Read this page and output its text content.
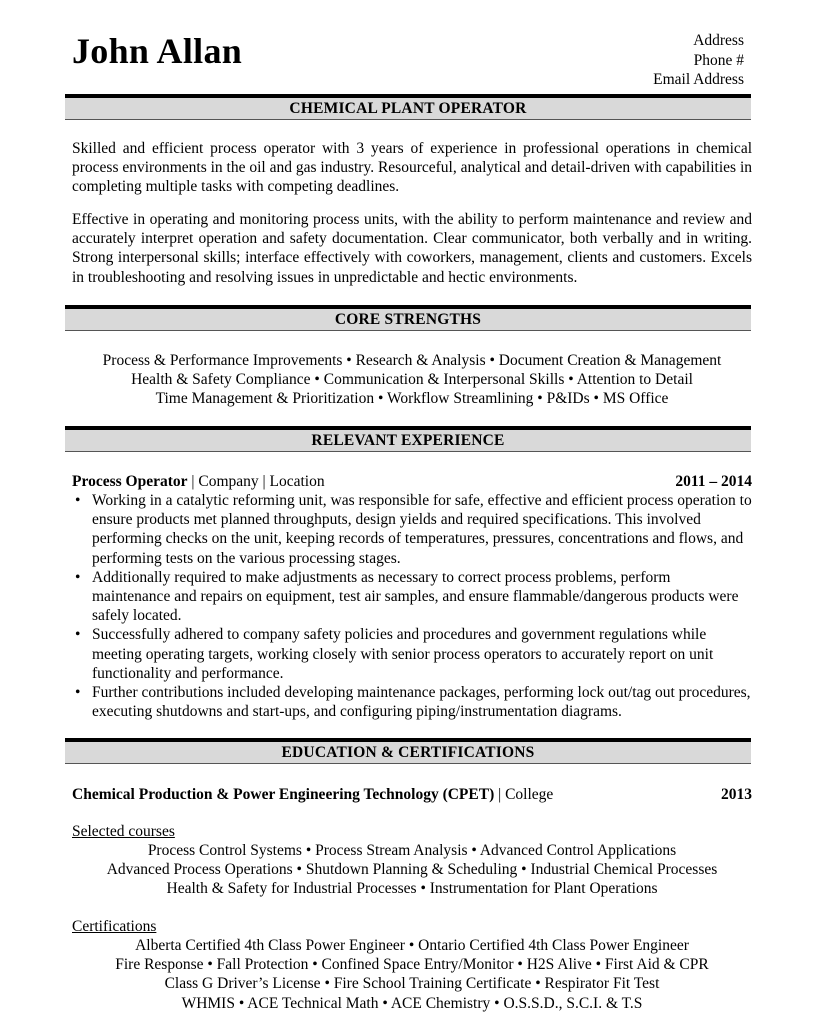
John Allan	Address
Phone #
Email Address
CHEMICAL PLANT OPERATOR
Skilled and efficient process operator with 3 years of experience in professional operations in chemical process environments in the oil and gas industry. Resourceful, analytical and detail-driven with capabilities in completing multiple tasks with competing deadlines.
Effective in operating and monitoring process units, with the ability to perform maintenance and review and accurately interpret operation and safety documentation. Clear communicator, both verbally and in writing. Strong interpersonal skills; interface effectively with coworkers, management, clients and customers. Excels in troubleshooting and resolving issues in unpredictable and hectic environments.
CORE STRENGTHS
Process & Performance Improvements • Research & Analysis • Document Creation & Management
Health & Safety Compliance • Communication & Interpersonal Skills • Attention to Detail
Time Management & Prioritization • Workflow Streamlining • P&IDs • MS Office
RELEVANT EXPERIENCE
Process Operator | Company | Location	2011 – 2014
• Working in a catalytic reforming unit, was responsible for safe, effective and efficient process operation to ensure products met planned throughputs, design yields and required specifications. This involved performing checks on the unit, keeping records of temperatures, pressures, concentrations and flows, and performing tests on the various processing stages.
• Additionally required to make adjustments as necessary to correct process problems, perform maintenance and repairs on equipment, test air samples, and ensure flammable/dangerous products were safely located.
• Successfully adhered to company safety policies and procedures and government regulations while meeting operating targets, working closely with senior process operators to accurately report on unit functionality and performance.
• Further contributions included developing maintenance packages, performing lock out/tag out procedures, executing shutdowns and start-ups, and configuring piping/instrumentation diagrams.
EDUCATION & CERTIFICATIONS
Chemical Production & Power Engineering Technology (CPET) | College	2013
Selected courses
Process Control Systems • Process Stream Analysis • Advanced Control Applications
Advanced Process Operations • Shutdown Planning & Scheduling • Industrial Chemical Processes
Health & Safety for Industrial Processes • Instrumentation for Plant Operations
Certifications
Alberta Certified 4th Class Power Engineer • Ontario Certified 4th Class Power Engineer
Fire Response • Fall Protection • Confined Space Entry/Monitor • H2S Alive • First Aid & CPR
Class G Driver’s License • Fire School Training Certificate • Respirator Fit Test
WHMIS • ACE Technical Math • ACE Chemistry • O.S.S.D., S.C.I. & T.S
